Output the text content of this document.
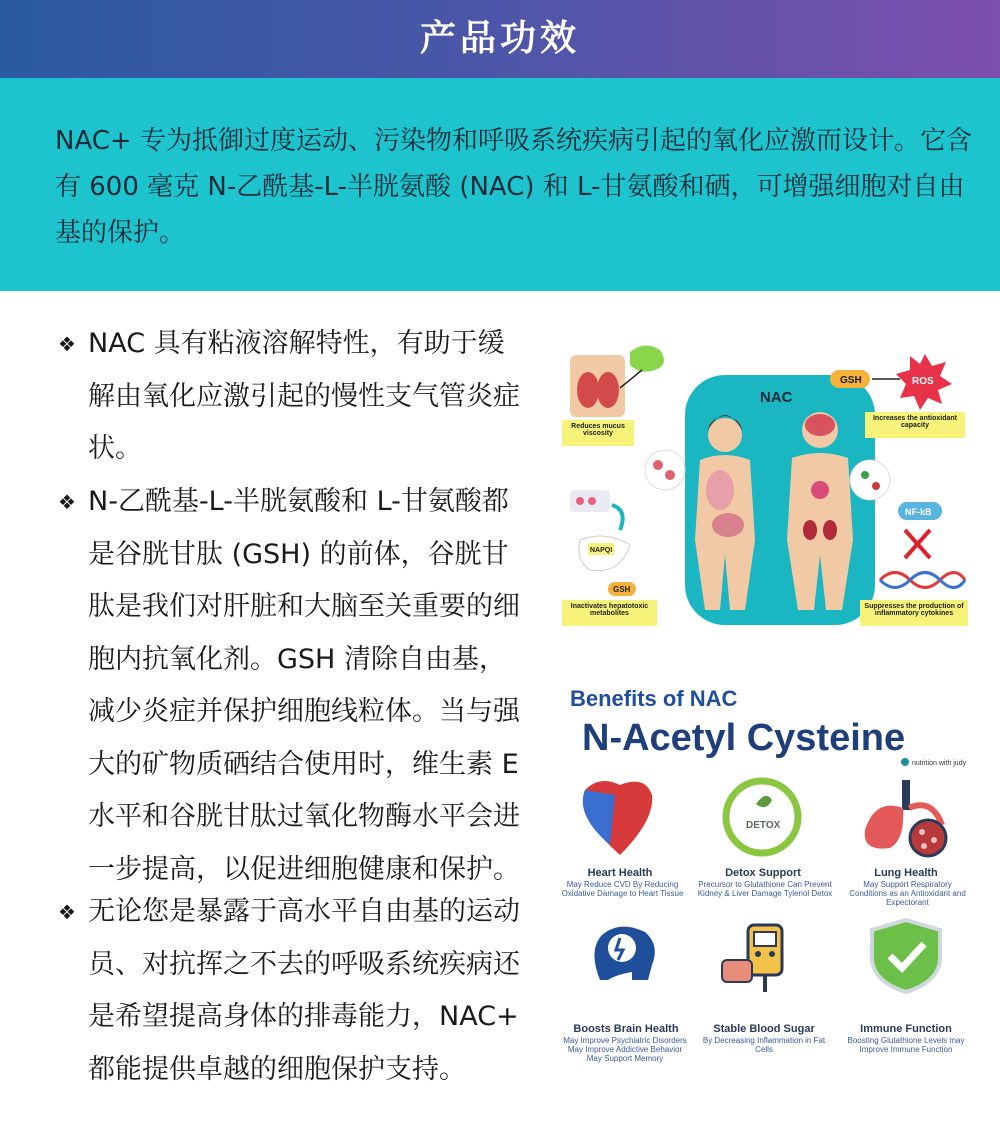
产品功效
NAC+ 专为抵御过度运动、污染物和呼吸系统疾病引起的氧化应激而设计。它含有 600 毫克 N-乙酰基-L-半胱氨酸 (NAC) 和 L-甘氨酸和硒，可增强细胞对自由基的保护。
❖ NAC 具有粘液溶解特性，有助于缓解由氧化应激引起的慢性支气管炎症状。
❖ N-乙酰基-L-半胱氨酸和 L-甘氨酸都是谷胱甘肽 (GSH) 的前体，谷胱甘肽是我们对肝脏和大脑至关重要的细胞内抗氧化剂。GSH 清除自由基，减少炎症并保护细胞线粒体。当与强大的矿物质硒结合使用时，维生素 E 水平和谷胱甘肽过氧化物酶水平会进一步提高，以促进细胞健康和保护。
❖ 无论您是暴露于高水平自由基的运动员、对抗挥之不去的呼吸系统疾病还是希望提高身体的排毒能力，NAC+ 都能提供卓越的细胞保护支持。
NAC
Reduces mucus viscosity
GSH	ROS
Increases the antioxidant capacity
NAPQI
GSH
Inactivates hepatotoxic metabolites
NF-kB
Suppresses the production of inflammatory cytokines
Benefits of NAC
N-Acetyl Cysteine
nutrition with judy
DETOX
Heart Health	Detox Support	Lung Health
May Reduce CVD By Reducing Oxidative Damage to Heart Tissue
Precursor to Glutathione Can Prevent Kidney & Liver Damage Tylenol Detox
May Support Respiratory Conditions as an Antioxidant and Expectorant
Boosts Brain Health	Stable Blood Sugar	Immune Function
May Improve Psychiatric Disorders May Improve Addictive Behavior May Support Memory
By Decreasing Inflammation in Fat Cells
Boosting Glutathione Levels may Improve Immune Function
